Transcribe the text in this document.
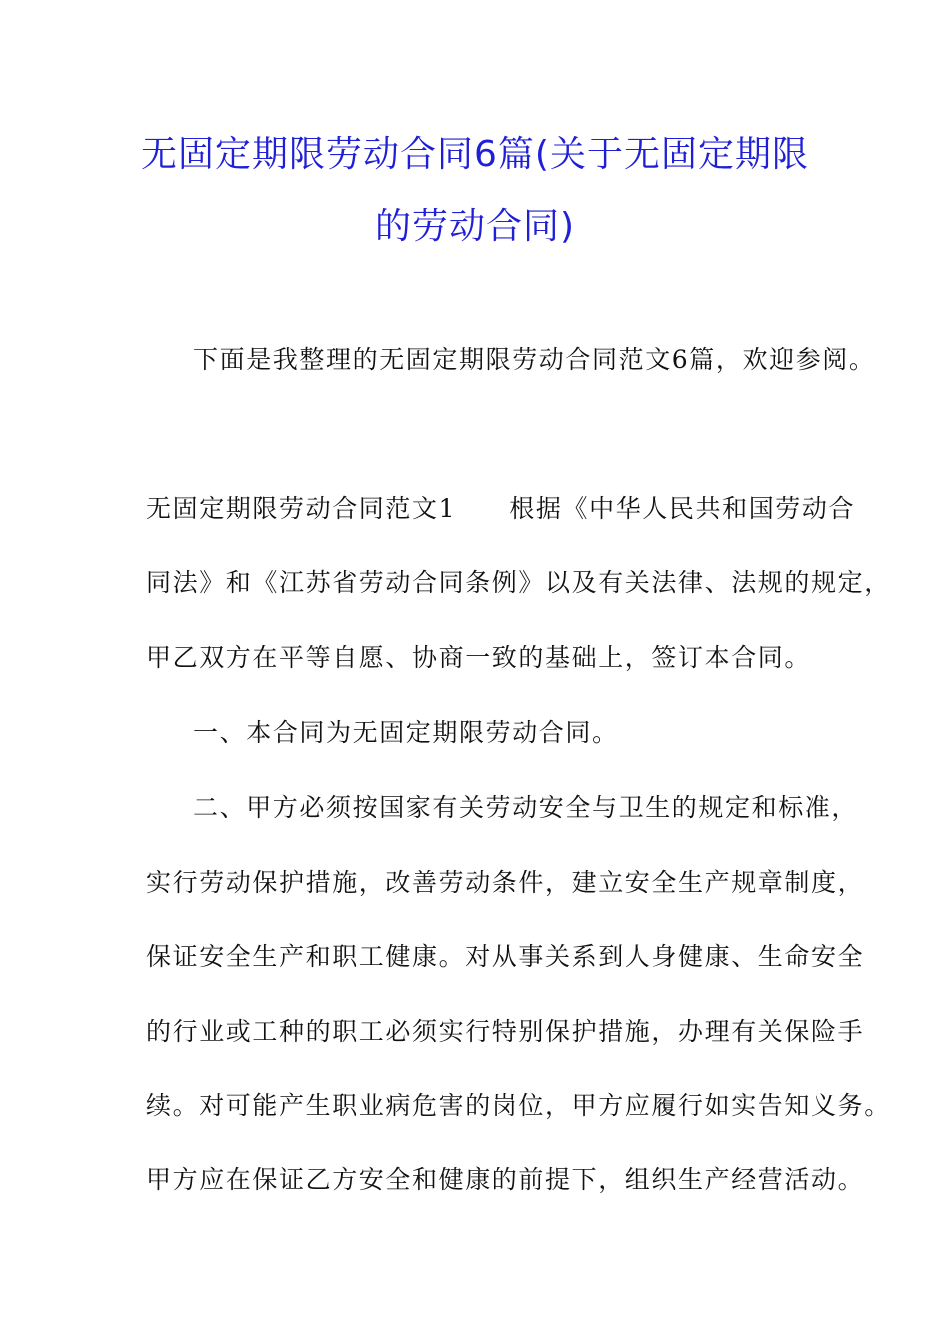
无固定期限劳动合同6篇(关于无固定期限
的劳动合同)
下面是我整理的无固定期限劳动合同范文6篇，欢迎参阅。
无固定期限劳动合同范文1　　根据《中华人民共和国劳动合
同法》和《江苏省劳动合同条例》以及有关法律、法规的规定，
甲乙双方在平等自愿、协商一致的基础上，签订本合同。
一、本合同为无固定期限劳动合同。
二、甲方必须按国家有关劳动安全与卫生的规定和标准，
实行劳动保护措施，改善劳动条件，建立安全生产规章制度，
保证安全生产和职工健康。对从事关系到人身健康、生命安全
的行业或工种的职工必须实行特别保护措施，办理有关保险手
续。对可能产生职业病危害的岗位，甲方应履行如实告知义务。
甲方应在保证乙方安全和健康的前提下，组织生产经营活动。
